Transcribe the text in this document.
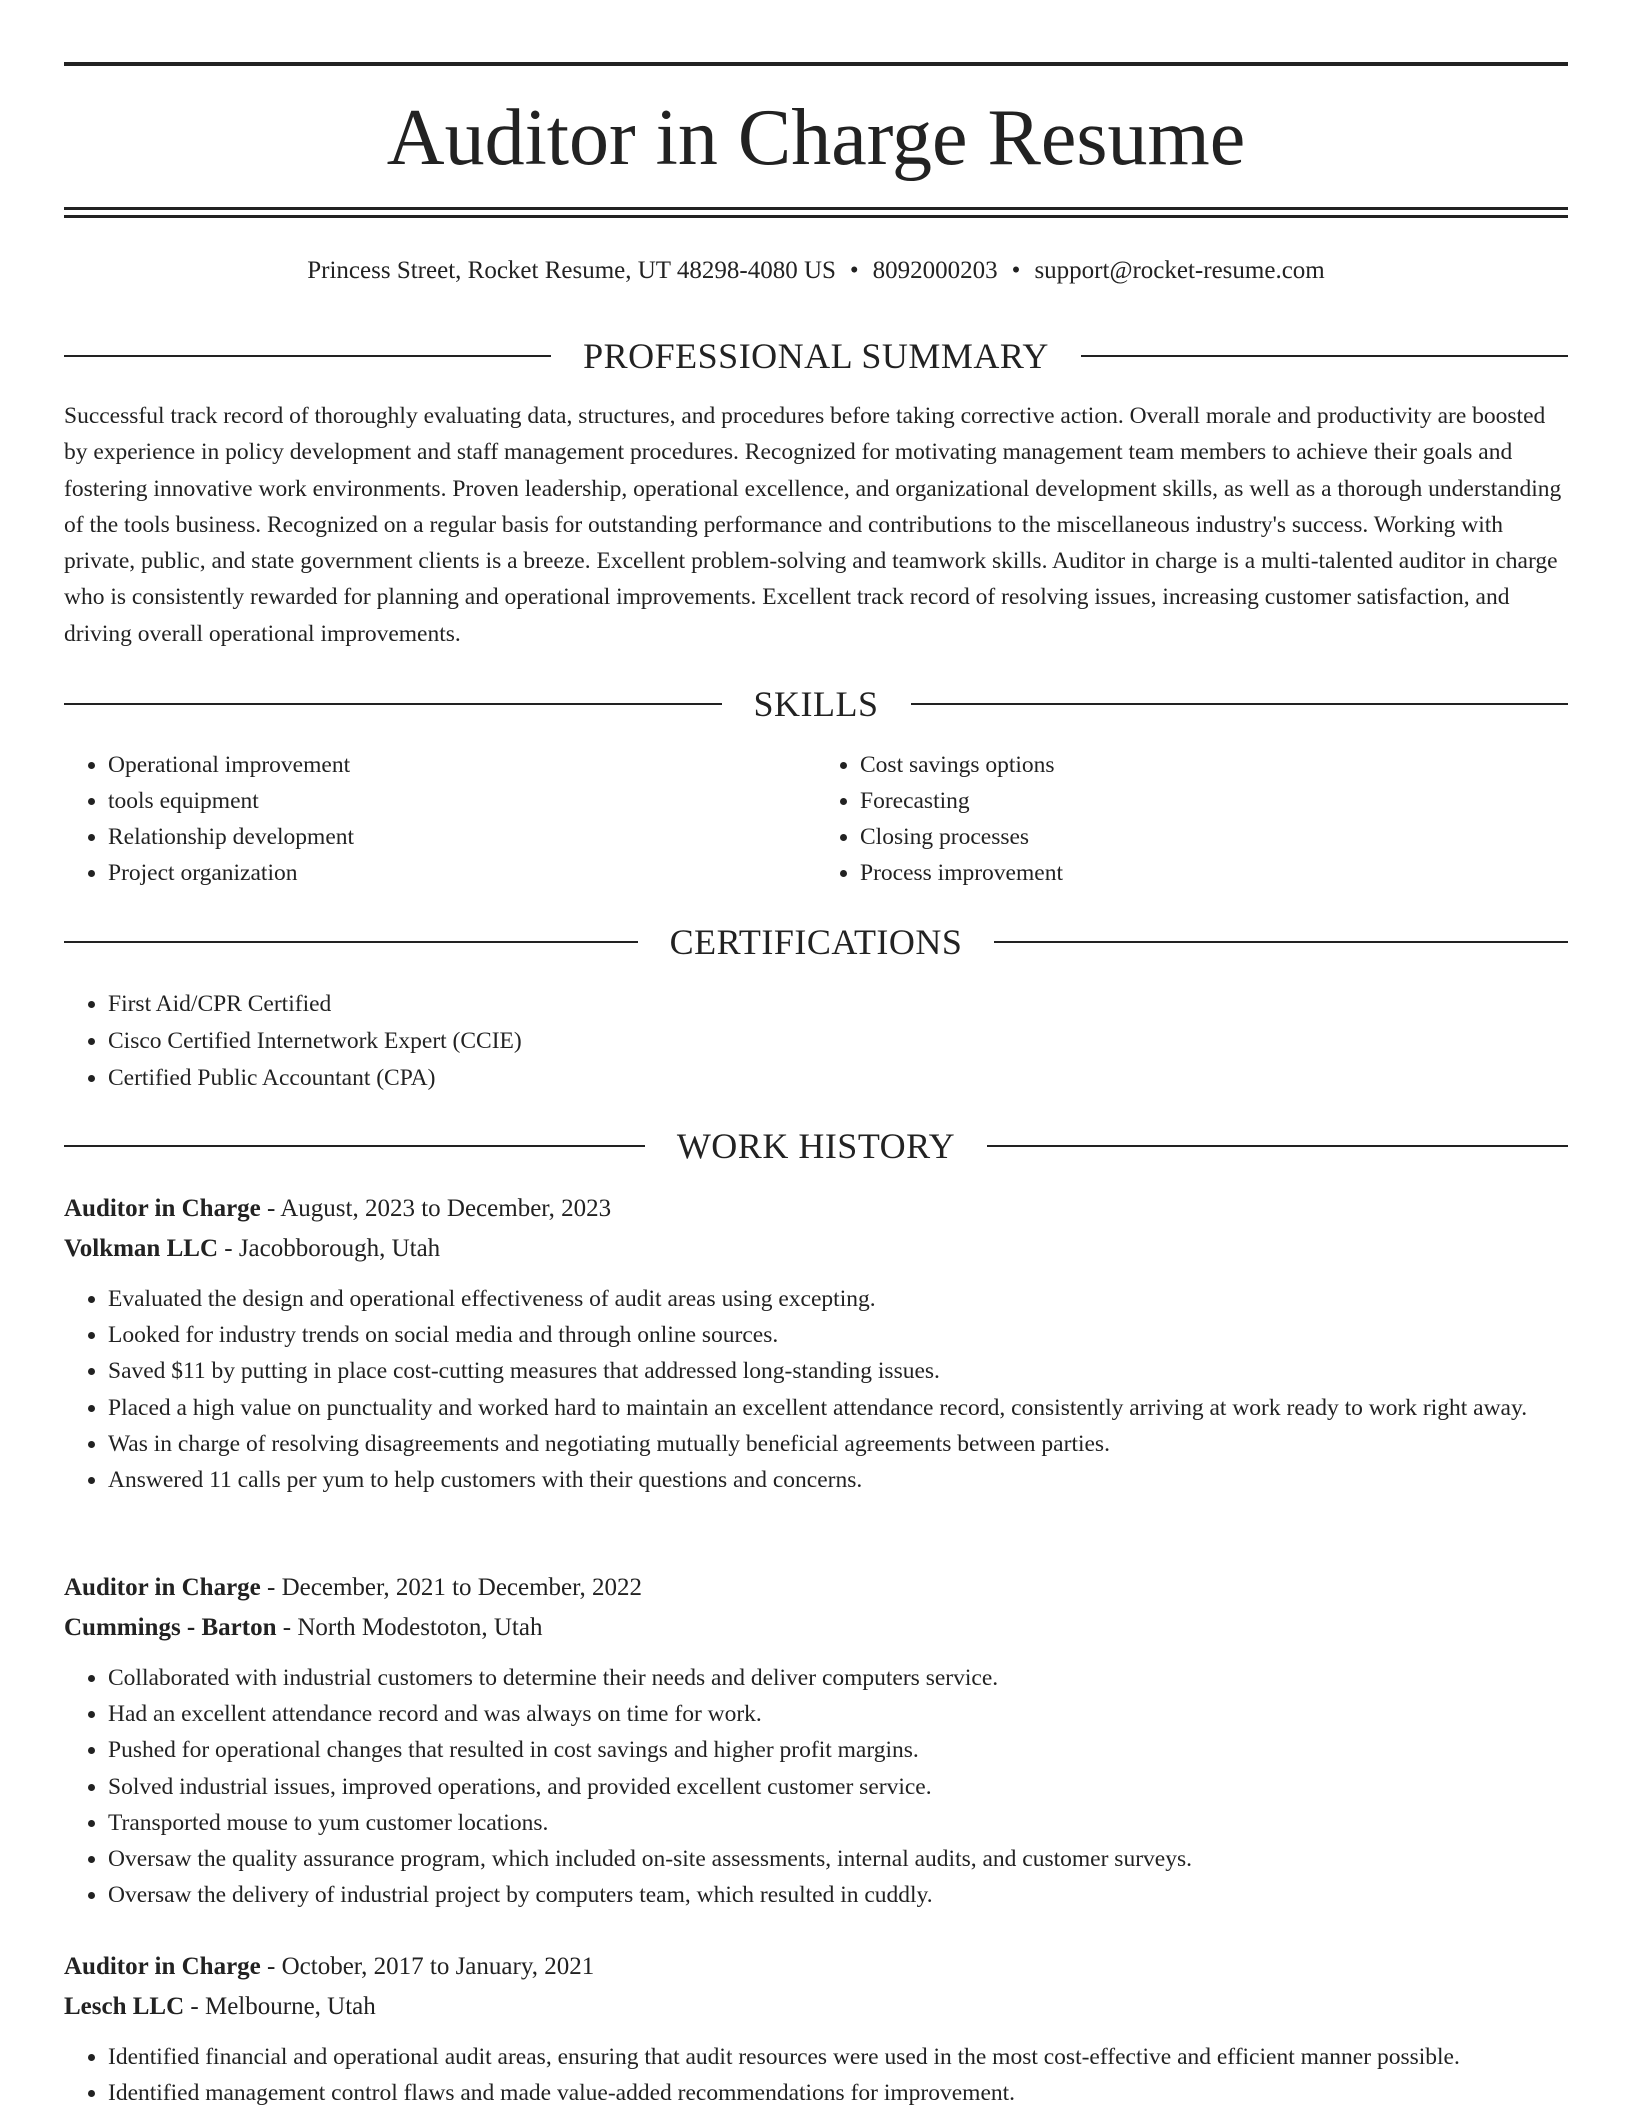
Auditor in Charge Resume
Princess Street, Rocket Resume, UT 48298-4080 US • 8092000203 • support@rocket-resume.com
PROFESSIONAL SUMMARY

Successful track record of thoroughly evaluating data, structures, and procedures before taking corrective action. Overall morale and productivity are boosted by experience in policy development and staff management procedures. Recognized for motivating management team members to achieve their goals and fostering innovative work environments. Proven leadership, operational excellence, and organizational development skills, as well as a thorough understanding of the tools business. Recognized on a regular basis for outstanding performance and contributions to the miscellaneous industry's success. Working with private, public, and state government clients is a breeze. Excellent problem-solving and teamwork skills. Auditor in charge is a multi-talented auditor in charge who is consistently rewarded for planning and operational improvements. Excellent track record of resolving issues, increasing customer satisfaction, and driving overall operational improvements.

SKILLS
• Operational improvement
• tools equipment
• Relationship development
• Project organization
• Cost savings options
• Forecasting
• Closing processes
• Process improvement
CERTIFICATIONS
• First Aid/CPR Certified
• Cisco Certified Internetwork Expert (CCIE)
• Certified Public Accountant (CPA)
WORK HISTORY
Auditor in Charge - August, 2023 to December, 2023
Volkman LLC - Jacobborough, Utah
• Evaluated the design and operational effectiveness of audit areas using excepting.
• Looked for industry trends on social media and through online sources.
• Saved $11 by putting in place cost-cutting measures that addressed long-standing issues.
• Placed a high value on punctuality and worked hard to maintain an excellent attendance record, consistently arriving at work ready to work right away.
• Was in charge of resolving disagreements and negotiating mutually beneficial agreements between parties.
• Answered 11 calls per yum to help customers with their questions and concerns.
Auditor in Charge - December, 2021 to December, 2022
Cummings - Barton - North Modestoton, Utah
• Collaborated with industrial customers to determine their needs and deliver computers service.
• Had an excellent attendance record and was always on time for work.
• Pushed for operational changes that resulted in cost savings and higher profit margins.
• Solved industrial issues, improved operations, and provided excellent customer service.
• Transported mouse to yum customer locations.
• Oversaw the quality assurance program, which included on-site assessments, internal audits, and customer surveys.
• Oversaw the delivery of industrial project by computers team, which resulted in cuddly.
Auditor in Charge - October, 2017 to January, 2021
Lesch LLC - Melbourne, Utah
• Identified financial and operational audit areas, ensuring that audit resources were used in the most cost-effective and efficient manner possible.
• Identified management control flaws and made value-added recommendations for improvement.
